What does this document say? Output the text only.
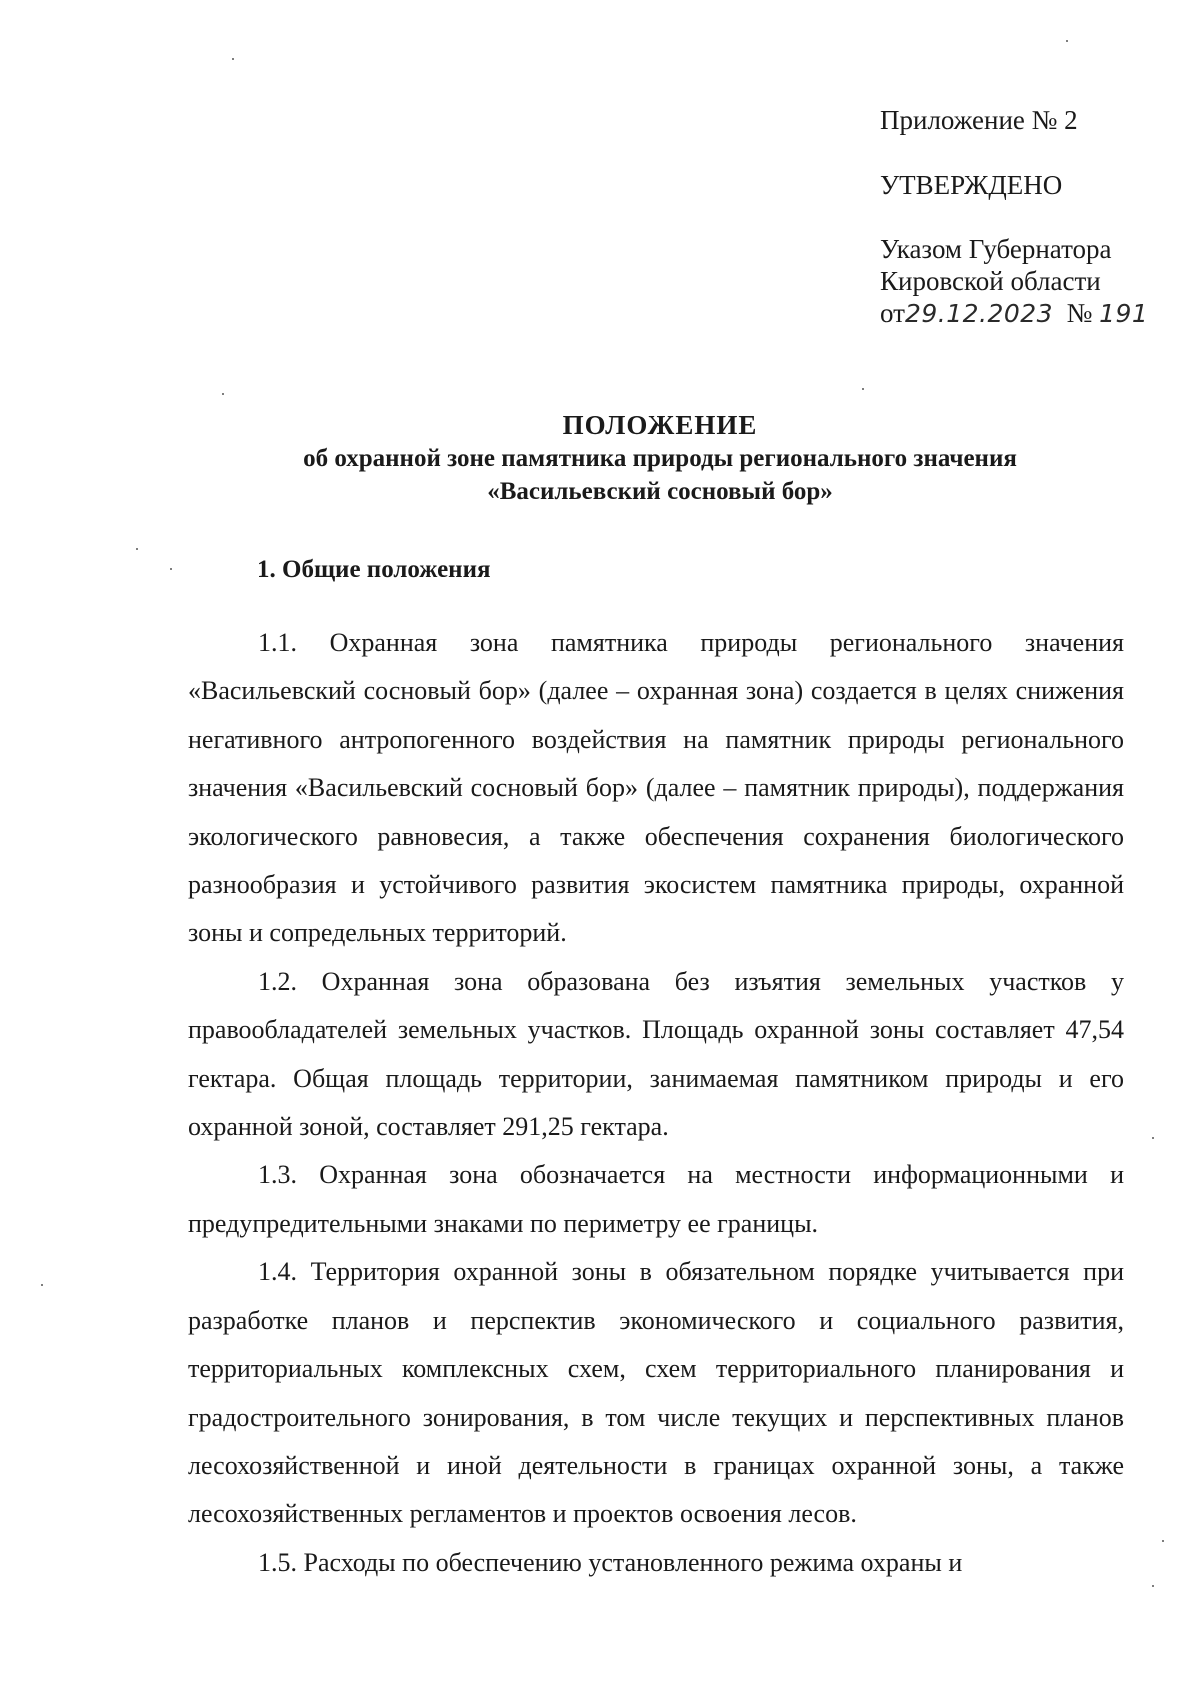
Приложение № 2
УТВЕРЖДЕНО
Указом Губернатора
Кировской области
от29.12.2023 № 191
ПОЛОЖЕНИЕ
об охранной зоне памятника природы регионального значения
«Васильевский сосновый бор»
1. Общие положения

1.1. Охранная зона памятника природы регионального значения «Васильевский сосновый бор» (далее – охранная зона) создается в целях снижения негативного антропогенного воздействия на памятник природы регионального значения «Васильевский сосновый бор» (далее – памятник природы), поддержания экологического равновесия, а также обеспечения сохранения биологического разнообразия и устойчивого развития экосистем памятника природы, охранной зоны и сопредельных территорий.

1.2. Охранная зона образована без изъятия земельных участков у правообладателей земельных участков. Площадь охранной зоны составляет 47,54 гектара. Общая площадь территории, занимаемая памятником природы и его охранной зоной, составляет 291,25 гектара.

1.3. Охранная зона обозначается на местности информационными и предупредительными знаками по периметру ее границы.

1.4. Территория охранной зоны в обязательном порядке учитывается при разработке планов и перспектив экономического и социального развития, территориальных комплексных схем, схем территориального планирования и градостроительного зонирования, в том числе текущих и перспективных планов лесохозяйственной и иной деятельности в границах охранной зоны, а также лесохозяйственных регламентов и проектов освоения лесов.

1.5. Расходы по обеспечению установленного режима охраны и
